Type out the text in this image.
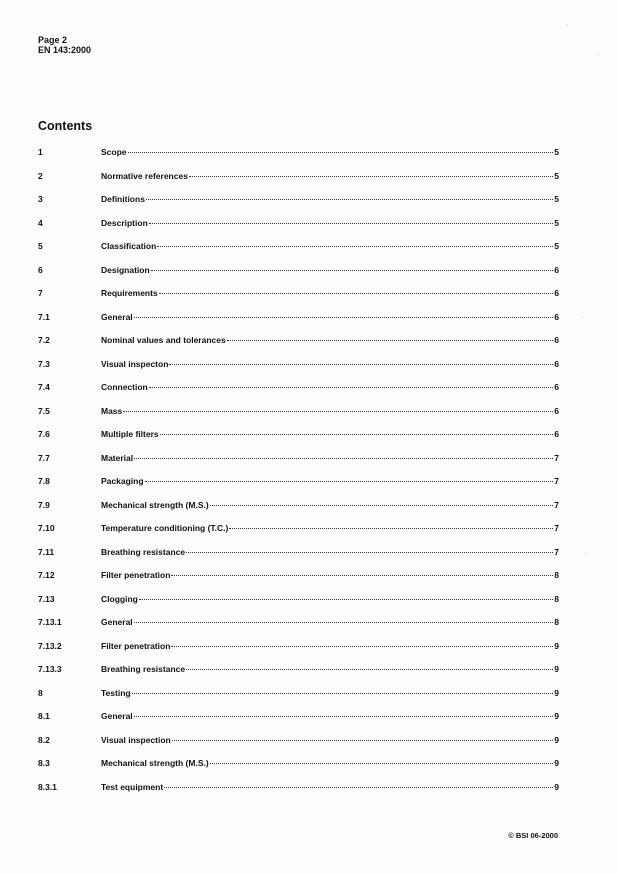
Page 2
EN 143:2000
Contents
1	Scope	5
2	Normative references	5
3	Definitions	5
4	Description	5
5	Classification	5
6	Designation	6
7	Requirements	6
7.1	General	6
7.2	Nominal values and tolerances	6
7.3	Visual inspecton	6
7.4	Connection	6
7.5	Mass	6
7.6	Multiple filters	6
7.7	Material	7
7.8	Packaging	7
7.9	Mechanical strength (M.S.)	7
7.10	Temperature conditioning (T.C.)	7
7.11	Breathing resistance	7
7.12	Filter penetration	8
7.13	Clogging	8
7.13.1	General	8
7.13.2	Filter penetration	9
7.13.3	Breathing resistance	9
8	Testing	9
8.1	General	9
8.2	Visual inspection	9
8.3	Mechanical strength (M.S.)	9
8.3.1	Test equipment	9
© BSI 06-2000
·
·
·
·
